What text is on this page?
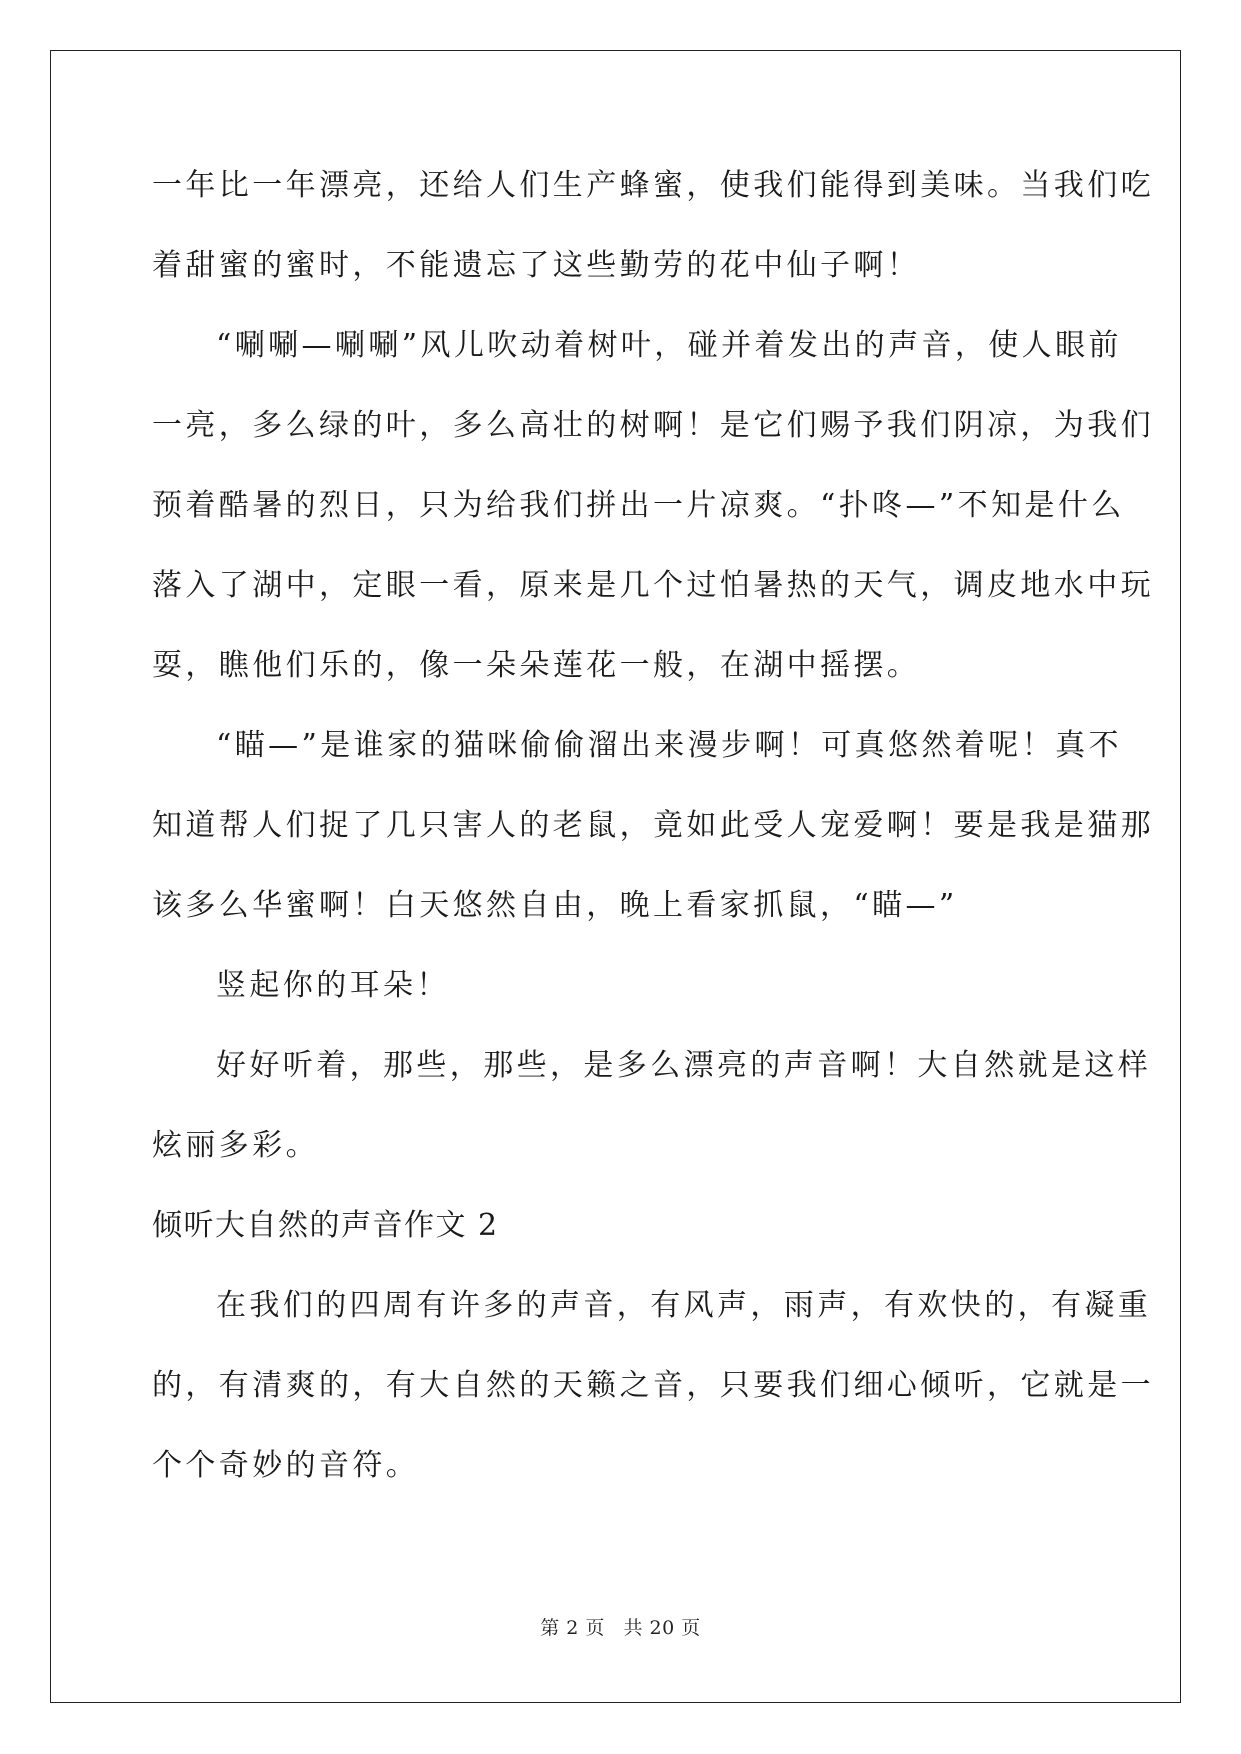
一年比一年漂亮，还给人们生产蜂蜜，使我们能得到美味。当我们吃
着甜蜜的蜜时，不能遗忘了这些勤劳的花中仙子啊！
“唰唰—唰唰”风儿吹动着树叶，碰并着发出的声音，使人眼前
一亮，多么绿的叶，多么高壮的树啊！是它们赐予我们阴凉，为我们
预着酷暑的烈日，只为给我们拼出一片凉爽。“扑咚—”不知是什么
落入了湖中，定眼一看，原来是几个过怕暑热的天气，调皮地水中玩
耍，瞧他们乐的，像一朵朵莲花一般，在湖中摇摆。
“瞄—”是谁家的猫咪偷偷溜出来漫步啊！可真悠然着呢！真不
知道帮人们捉了几只害人的老鼠，竟如此受人宠爱啊！要是我是猫那
该多么华蜜啊！白天悠然自由，晚上看家抓鼠，“瞄—”
竖起你的耳朵！
好好听着，那些，那些，是多么漂亮的声音啊！大自然就是这样
炫丽多彩。
倾听大自然的声音作文 2
在我们的四周有许多的声音，有风声，雨声，有欢快的，有凝重
的，有清爽的，有大自然的天籁之音，只要我们细心倾听，它就是一
个个奇妙的音符。
第 2 页 共 20 页
